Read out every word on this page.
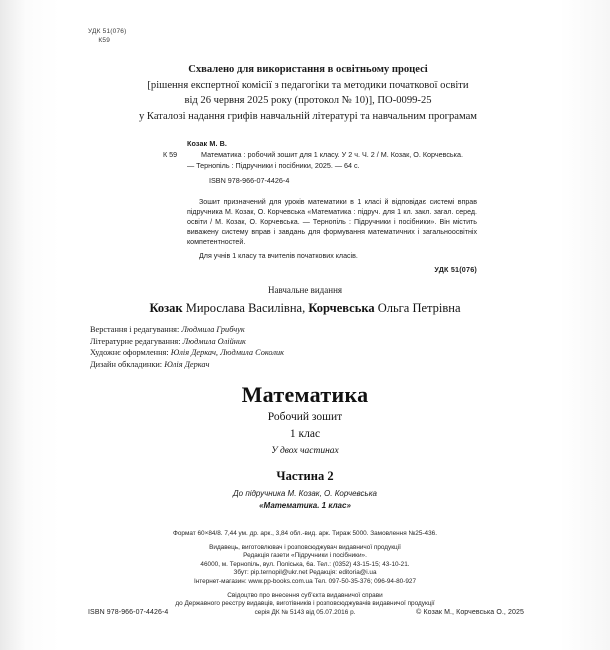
УДК 51(076)
К59
Схвалено для використання в освітньому процесі
[рішення експертної комісії з педагогіки та методики початкової освіти
від 26 червня 2025 року (протокол № 10)], ПО-0099-25
у Каталозі надання грифів навчальній літературі та навчальним програмам
Козак М. В.
К 59	Математика : робочий зошит для 1 класу. У 2 ч. Ч. 2 / М. Козак, О. Корчевська. — Тернопіль : Підручники і посібники, 2025. — 64 с.
ISBN 978-966-07-4426-4

Зошит призначений для уроків математики в 1 класі й відповідає системі вправ підручника М. Козак, О. Корчевська «Математика : підруч. для 1 кл. закл. загал. серед. освіти / М. Козак, О. Корчевська. — Тернопіль : Підручники і посібники». Він містить виважену систему вправ і завдань для формування математичних і загальноосвітніх компетентностей.

Для учнів 1 класу та вчителів початкових класів.

УДК 51(076)
Навчальне видання
Козак Мирослава Василівна, Корчевська Ольга Петрівна
Верстання і редагування: Людмила Грибчук
Літературне редагування: Людмила Олійник
Художнє оформлення: Юлія Деркач, Людмила Соколик
Дизайн обкладинки: Юлія Деркач
Математика
Робочий зошит
1 клас
У двох частинах
Частина 2
До підручника М. Козак, О. Корчевська
«Математика. 1 клас»
Формат 60×84/8. 7,44 ум. др. арк., 3,84 обл.-вид. арк. Тираж 5000. Замовлення №25-436.
Видавець, виготовлювач і розповсюджувач видавничої продукції
Редакція газети «Підручники і посібники».
46000, м. Тернопіль, вул. Поліська, 6а. Тел.: (0352) 43-15-15; 43-10-21.
Збут: pip.ternopil@ukr.net Редакція: editoria@i.ua
Інтернет-магазин: www.pp-books.com.ua Тел. 097-50-35-376; 096-94-80-927
Свідоцтво про внесення суб'єкта видавничої справи
до Державного реєстру видавців, виготівників і розповсюджувачів видавничої продукції
серія ДК № 5143 від 05.07.2016 р.
ISBN 978-966-07-4426-4	© Козак М., Корчевська О., 2025
